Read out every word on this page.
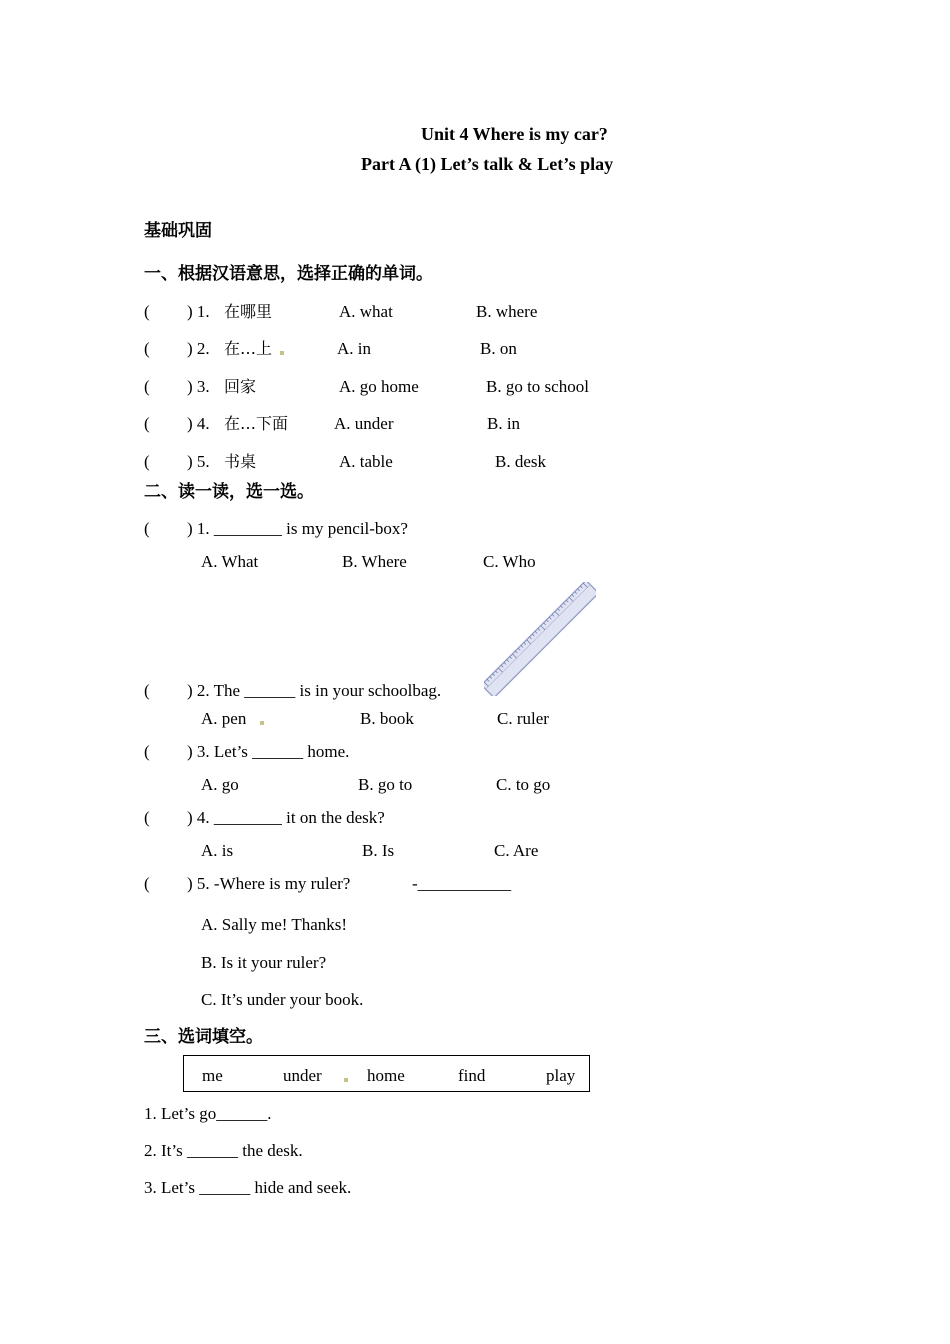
Unit 4 Where is my car?
Part A (1) Let’s talk & Let’s play
基础巩固
一、根据汉语意思，选择正确的单词。
( ) 1. 在哪里	A. what	B. where
( ) 2. 在…上	A. in	B. on
( ) 3. 回家	A. go home	B. go to school
( ) 4. 在…下面	A. under	B. in
( ) 5. 书桌	A. table	B. desk
二、读一读，选一选。
( ) 1. ________ is my pencil-box?
A. What	B. Where	C. Who
( ) 2. The ______ is in your schoolbag.
A. pen	B. book	C. ruler
( ) 3. Let’s ______ home.
A. go	B. go to	C. to go
( ) 4. ________ it on the desk?
A. is	B. Is	C. Are
( ) 5. -Where is my ruler?	-___________
A. Sally me! Thanks!
B. Is it your ruler?
C. It’s under your book.
三、选词填空。
me	under	home	find	play
1. Let’s go______.
2. It’s ______ the desk.
3. Let’s ______ hide and seek.
